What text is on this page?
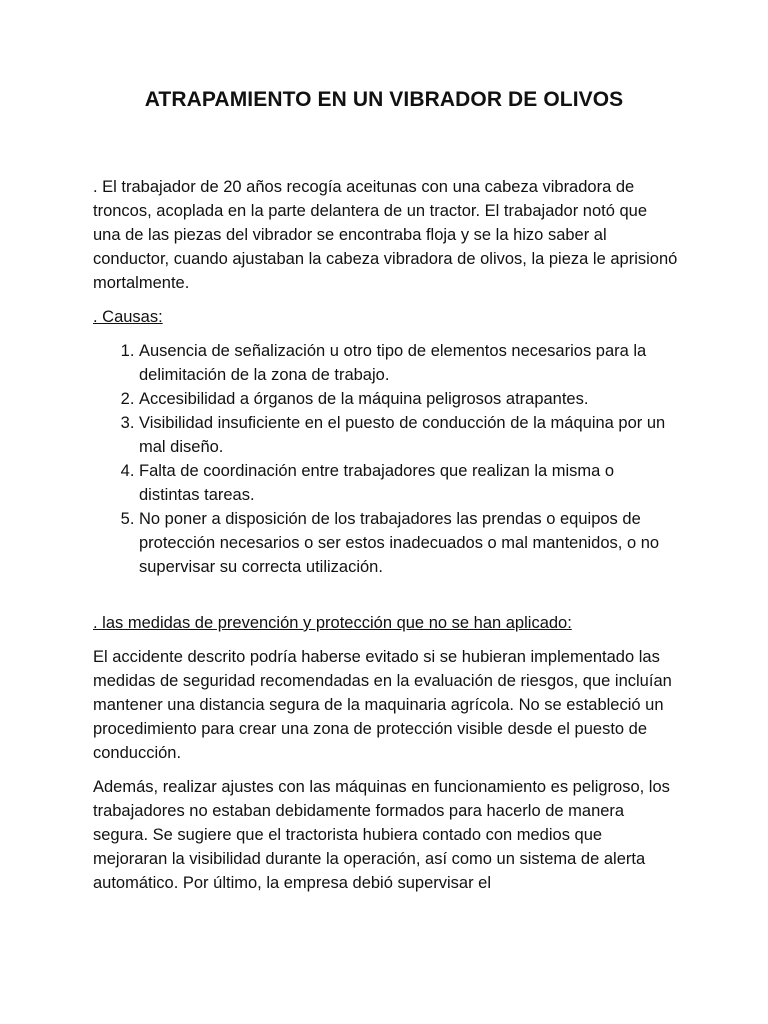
ATRAPAMIENTO EN UN VIBRADOR DE OLIVOS

. El trabajador de 20 años recogía aceitunas con una cabeza vibradora de troncos, acoplada en la parte delantera de un tractor. El trabajador notó que una de las piezas del vibrador se encontraba floja y se la hizo saber al conductor, cuando ajustaban la cabeza vibradora de olivos, la pieza le aprisionó mortalmente.

. Causas:

1. Ausencia de señalización u otro tipo de elementos necesarios para la delimitación de la zona de trabajo.
2. Accesibilidad a órganos de la máquina peligrosos atrapantes.
3. Visibilidad insuficiente en el puesto de conducción de la máquina por un mal diseño.
4. Falta de coordinación entre trabajadores que realizan la misma o distintas tareas.
5. No poner a disposición de los trabajadores las prendas o equipos de protección necesarios o ser estos inadecuados o mal mantenidos, o no supervisar su correcta utilización.

. las medidas de prevención y protección que no se han aplicado:

El accidente descrito podría haberse evitado si se hubieran implementado las medidas de seguridad recomendadas en la evaluación de riesgos, que incluían mantener una distancia segura de la maquinaria agrícola. No se estableció un procedimiento para crear una zona de protección visible desde el puesto de conducción.

Además, realizar ajustes con las máquinas en funcionamiento es peligroso, los trabajadores no estaban debidamente formados para hacerlo de manera segura. Se sugiere que el tractorista hubiera contado con medios que mejoraran la visibilidad durante la operación, así como un sistema de alerta automático. Por último, la empresa debió supervisar el
